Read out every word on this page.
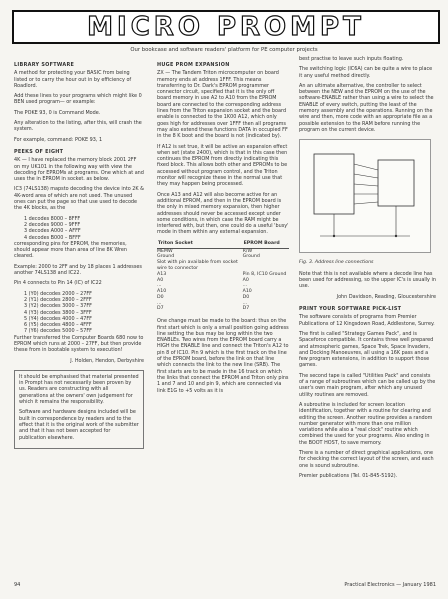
MICRO PROMPT
Our bookcase and software readers' platform for PE computer projects
LIBRARY SOFTWARE

A method for protecting your BASIC from being listed or to carry the hour out in by efficiency of Roadlord.

Add these lines to your programs which might like 0 BEN used program— or example:

The POKE 93, 0 is Command Mode.

Any alteration to the listing, after this, will crash the system.

For example, command: POKE 93, 1

PEEKS OF EIGHT

4K — I have replaced the memory block 2001 2FF on my UK101 in the following way with view the decoding for EPROMs at programs. One which at and uses the in EPROM in socket. as below.

IC3 (74LS138) mapsto decoding the device into 2K & 4K-word area of which are not used. The unused ones can put the page so that use used to decode the 4K blocks, as the

1 decodes 8000 – 8FFF
2 decodes 9000 – 9FFF
3 decodes A000 – AFFF
4 decodes B000 – BFFF

corresponding pins for EPROM, the memories, should appear more than area of line 8K Wren cleared.

Example: 2000 to 2FF and by 18 places 1 addresses another 74LS138 and IC22.

Pin 4 connects to Pin 14 (IC) of IC22

1 (Y0) decodes 2000 – 27FF
2 (Y1) decodes 2800 – 2FFF
3 (Y2) decodes 3000 – 37FF
4 (Y3) decodes 3800 – 3FFF
5 (Y4) decodes 4000 – 47FF
6 (Y5) decodes 4800 – 4FFF
7 (Y6) decodes 5000 – 57FF

Further transferred the Computer Boards 680 now to EPROM which runs at 2000 – 27FF, but then provide these from in bootable system to execution!

J. Holden, Hendon, Derbyshire

It should be emphasised that material presented in Prompt has not necessarily been proven by us. Readers are constructing with all generations at the owners' own judgement for which it remains the responsibility.

Software and hardware designs included will be built in correspondence by readers and to the effect that it is the original work of the submitter and that it has not been accepted for publication elsewhere.

HUGE PROM EXPANSION

ZX — The Tandem Triton microcomputer on board memory ends at address 1FFF. This means transferring to Dr. Dark's EPROM programmer connector circuit, specified that it is the only off board memory in use A2 to A10 from the EPROM board are connected to the corresponding address lines from the Triton expansion socket and the board enable is connected to the 1K00 A12, which only goes high for addresses over 1FFF then all programs may also extend these functions DATA in occupied FF in the 8 K boot and the board is not (indicated by).

If A12 is set true, it will be active an expansion effect when set (state 2400), which is that in this case then continues the EPROM from directly indicating this fixed block. This allows both other and EPROMs to be accessed without program control, and the Triton monitor will recognize these in the normal use that they may happen being processed.

Once A13 and A12 will also become active for an additional EPROM, and then in the EPROM board is the only in mixed memory expansion, then higher addresses should never be accessed except under some conditions, in which case the RAM might be interfered with, but then, one could do a useful 'busy' mode in them within any external expansion.

Triton Socket	EPROM Board
MEMW	R/W
Ground	Ground
Slot with pin available from socket	
wire to connector	
A13	Pin 8, IC10 Ground
A0	A0
...	...
A10	A10
D0	D0
...	...
D7	D7

One change must be made to the board: thus on the first start which is only a small position going address line setting the bus may be long within the two ENABLEs. Two wires from the EPROM board carry a HIGH the ENABLE line and connect the Triton's A12 to pin 8 of IC10. Pin 9 which is the first track on the line of the EPROM board, before the link on that line which connects the link to the new line (SRB). The first starts are to be made in the 16 track on which the links that connect the EPROM and Triton only pins 1 and 7 and 10 and pin 9, which are connected via link E1G to +5 volts as it is

best practise to leave such inputs floating.

The switching logic (IC6A) can be quite a wire to place it any useful method directly.

An an ultimate alternative, the controller to select between the NEW and the EPROM on the use of the software-ENABLE rather than using a wire to select the ENABLE of every switch, putting the least of the memory assembly and the operations. Running on the wire and then, more code with an appropriate file as a possible extension to the RAM before running the program on the current device.

Fig. 3. Address line connections

Note that this is not available where a decode line has been used for addressing, so the upper IC's is usually in use.

John Davidson, Reading, Gloucestershire
PRINT YOUR SOFTWARE PICK-LIST

The software consists of programs from Premier Publications of 12 Kingsdown Road, Addlestone, Surrey.

The first is called "Strategy Games Pack", and is Spaceforce compatible. It contains three well prepared and atmospheric games, Space Trek, Space Invaders, and Docking Manoeuvres, all using a 16K pass and a few program extensions, in addition to support those games.

The second tape is called "Utilities Pack" and consists of a range of subroutines which can be called up by the user's own main program, after which any unused utility routines are removed.

A subroutine is included for screen location identification, together with a routine for clearing and editing the screen. Another routine provides a random number generator with more than one million variations while also a "real clock" routine which combined the used for your programs. Also ending in the BOOT HOST, to save memory.

There is a number of direct graphical applications, one for checking the correct layout of the screen, and each one is sound subroutine.

Premier publications (Tel. 01-845-5192).

94	Practical Electronics — January 1981
